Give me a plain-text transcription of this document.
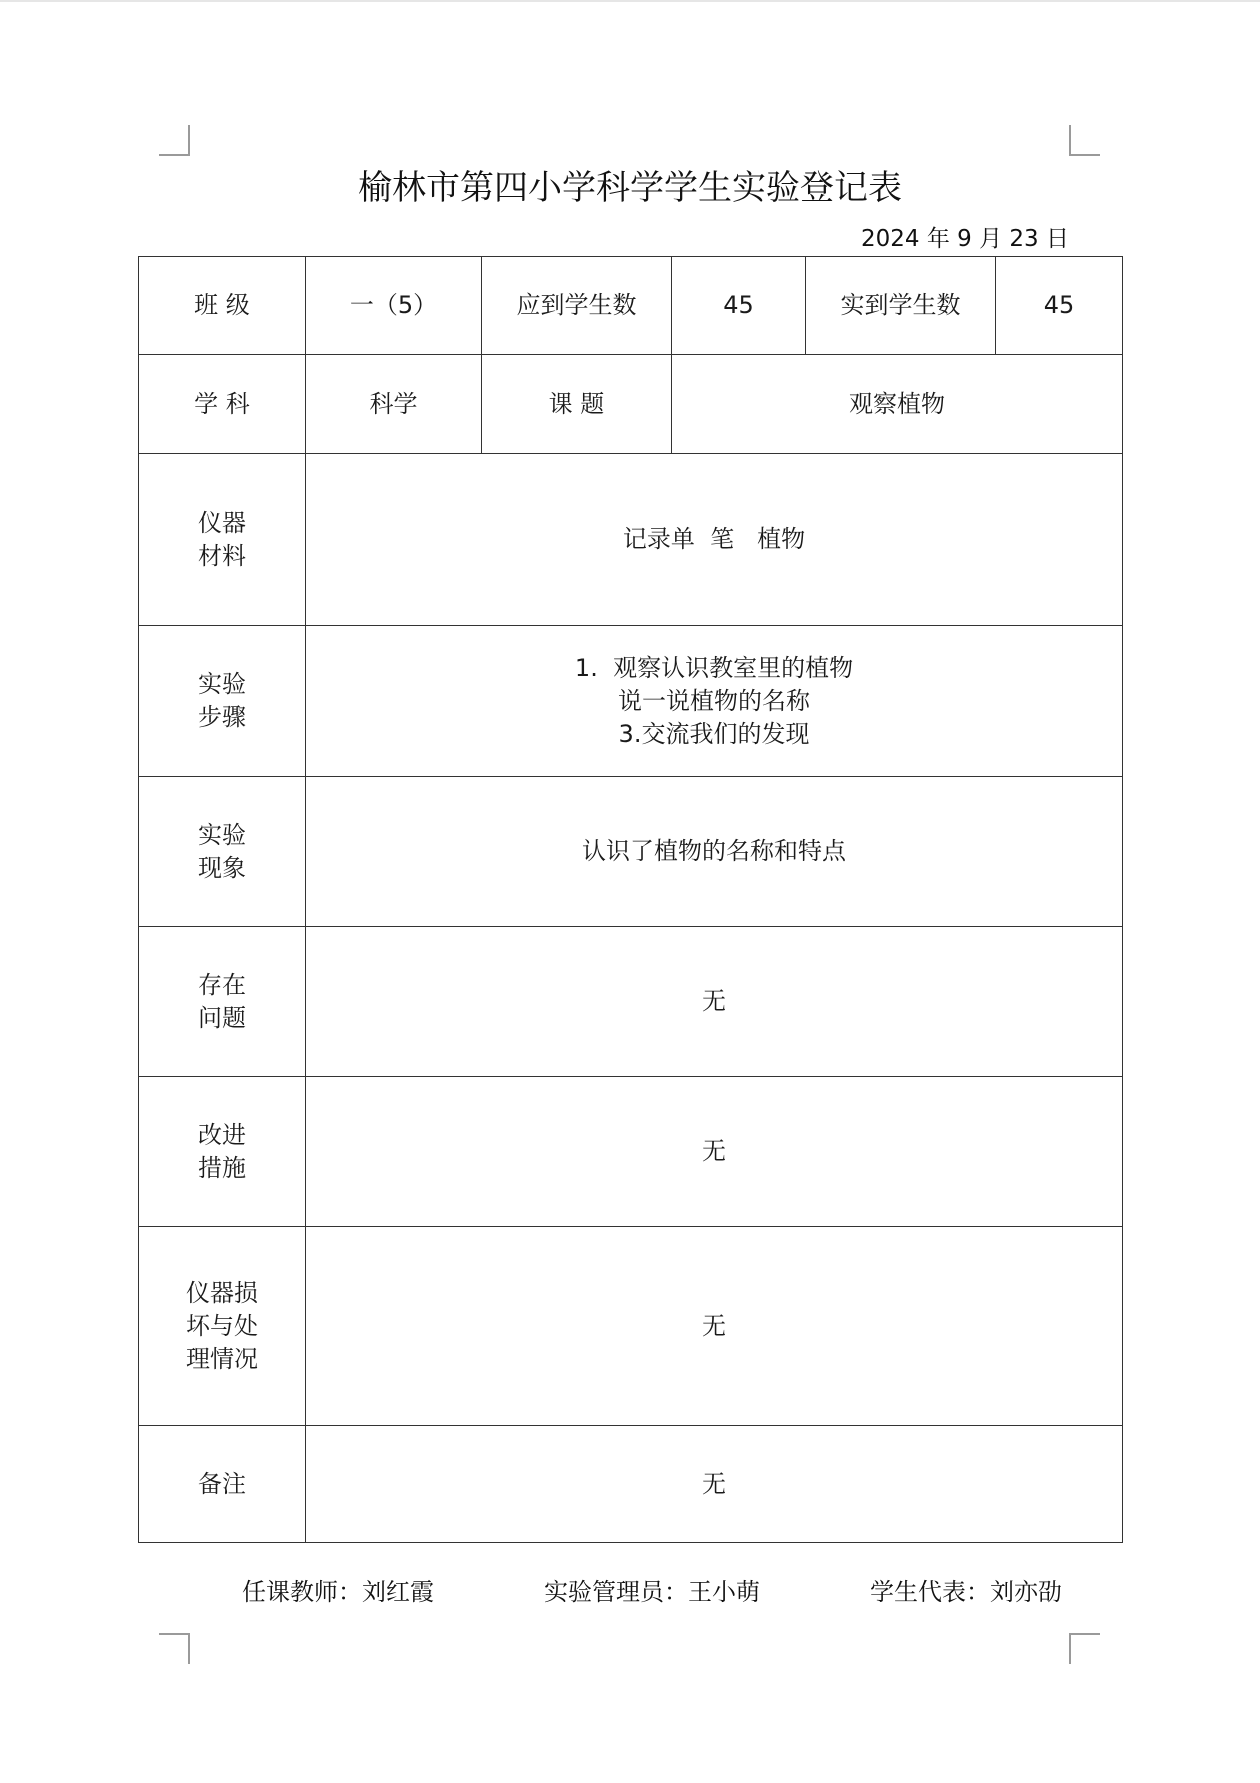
榆林市第四小学科学学生实验登记表
2024 年 9 月 23 日
班 级	一（5）	应到学生数	45	实到学生数	45

学 科	科学	课 题	观察植物		

仪器
材料	记录单  笔   植物				

实验
步骤	1.  观察认识教室里的植物
说一说植物的名称
3.交流我们的发现				

实验
现象	认识了植物的名称和特点				

存在
问题	无				

改进
措施	无				

仪器损
坏与处
理情况	无				

备注	无				
任课教师：刘红霞	实验管理员：王小萌	学生代表：刘亦劭
